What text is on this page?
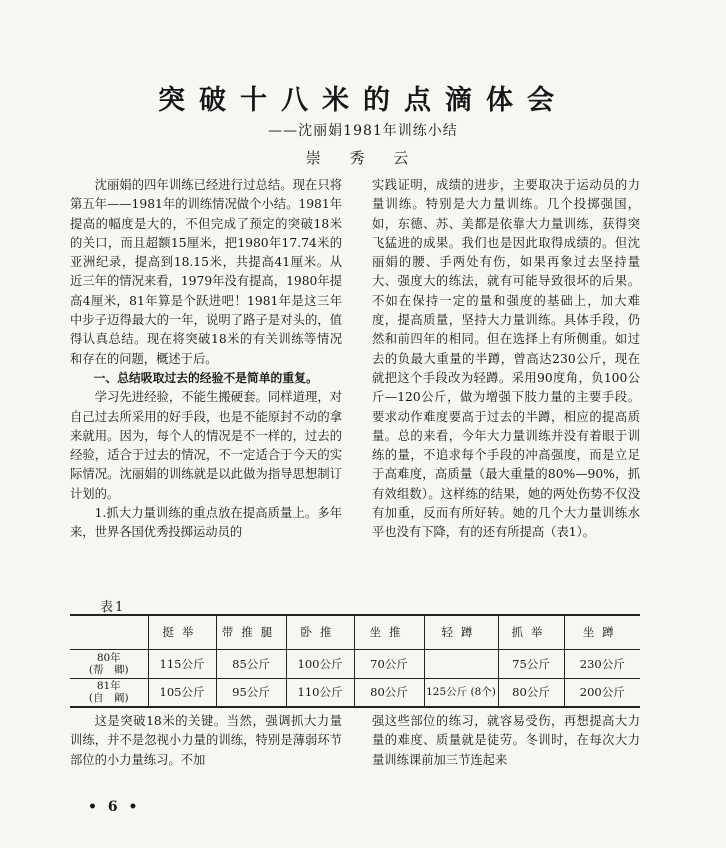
突破十八米的点滴体会
——沈丽娟1981年训练小结
崇 秀 云

沈丽娟的四年训练已经进行过总结。现在只将第五年——1981年的训练情况做个小结。1981年提高的幅度是大的，不但完成了预定的突破18米的关口，而且超额15厘米，把1980年17.74米的亚洲纪录，提高到18.15米，共提高41厘米。从近三年的情况来看，1979年没有提高，1980年提高4厘米，81年算是个跃进吧！1981年是这三年中步子迈得最大的一年，说明了路子是对头的，值得认真总结。现在将突破18米的有关训练等情况和存在的问题，概述于后。

一、总结吸取过去的经验不是简单的重复。

学习先进经验，不能生搬硬套。同样道理，对自己过去所采用的好手段，也是不能原封不动的拿来就用。因为，每个人的情况是不一样的，过去的经验，适合于过去的情况，不一定适合于今天的实际情况。沈丽娟的训练就是以此做为指导思想制订计划的。

1.抓大力量训练的重点放在提高质量上。多年来，世界各国优秀投掷运动员的

实践证明，成绩的进步，主要取决于运动员的力量训练。特别是大力量训练。几个投掷强国，如，东德、苏、美都是依靠大力量训练，获得突飞猛进的成果。我们也是因此取得成绩的。但沈丽娟的腰、手两处有伤，如果再象过去坚持量大、强度大的练法，就有可能导致很坏的后果。不如在保持一定的量和强度的基础上，加大难度，提高质量，坚持大力量训练。具体手段，仍然和前四年的相同。但在选择上有所侧重。如过去的负最大重量的半蹲，曾高达230公斤，现在就把这个手段改为轻蹲。采用90度角，负100公斤—120公斤，做为增强下肢力量的主要手段。要求动作难度要高于过去的半蹲，相应的提高质量。总的来看，今年大力量训练并没有着眼于训练的量，不追求每个手段的冲高强度，而是立足于高难度，高质量（最大重量的80%—90%，抓有效组数）。这样练的结果，她的两处伤势不仅没有加重，反而有所好转。她的几个大力量训练水平也没有下降，有的还有所提高（表1）。

表1
	挺举	带推腿	卧推	坐推	轻蹲	抓举	坐蹲

80年
(帮　卿)	115公斤	85公斤	100公斤	70公斤		75公斤	230公斤

81年
(自　阚)	105公斤	95公斤	110公斤	80公斤	125公斤 (8个)	80公斤	200公斤

这是突破18米的关键。当然，强调抓大力量训练，并不是忽视小力量的训练，特别是薄弱环节部位的小力量练习。不加

强这些部位的练习，就容易受伤，再想提高大力量的难度、质量就是徒劳。冬训时，在每次大力量训练课前加三节连起来

• 6 •
